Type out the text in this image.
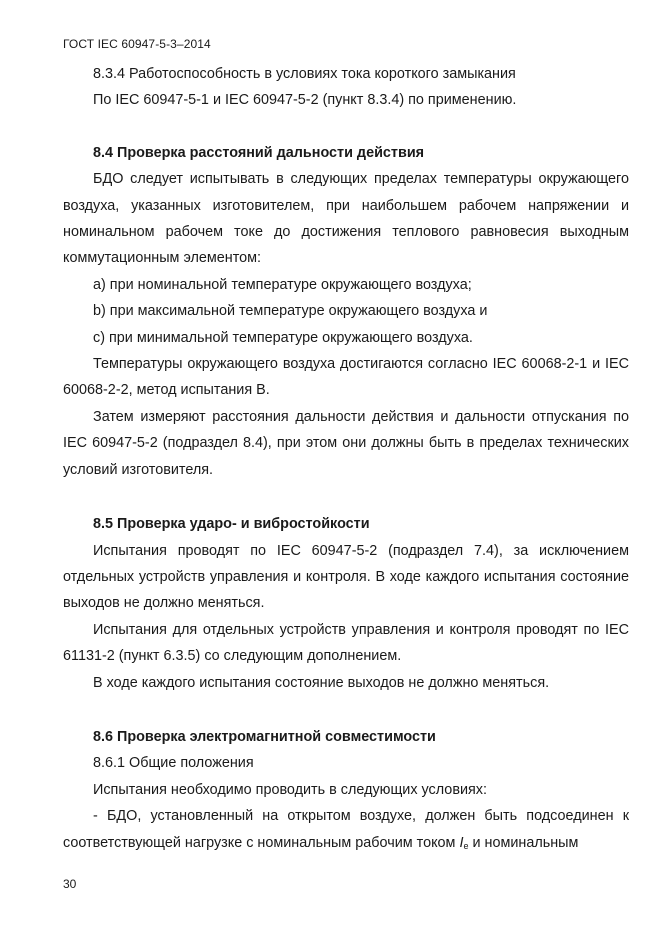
ГОСТ IEC 60947-5-3–2014

8.3.4 Работоспособность в условиях тока короткого замыкания

По IEC 60947-5-1 и IEC 60947-5-2 (пункт 8.3.4) по применению.

8.4 Проверка расстояний дальности действия

БДО следует испытывать в следующих пределах температуры окружающего воздуха, указанных изготовителем, при наибольшем рабочем напряжении и номинальном рабочем токе до достижения теплового равновесия выходным коммутационным элементом:

а) при номинальной температуре окружающего воздуха;

b) при максимальной температуре окружающего воздуха и

с) при минимальной температуре окружающего воздуха.

Температуры окружающего воздуха достигаются согласно IEC 60068-2-1 и IEC 60068-2-2, метод испытания В.

Затем измеряют расстояния дальности действия и дальности отпускания по IEC 60947-5-2 (подраздел 8.4), при этом они должны быть в пределах технических условий изготовителя.

8.5 Проверка ударо- и вибростойкости

Испытания проводят по IEC 60947-5-2 (подраздел 7.4), за исключением отдельных устройств управления и контроля. В ходе каждого испытания состояние выходов не должно меняться.

Испытания для отдельных устройств управления и контроля проводят по IEC 61131-2 (пункт 6.3.5) со следующим дополнением.

В ходе каждого испытания состояние выходов не должно меняться.

8.6 Проверка электромагнитной совместимости

8.6.1 Общие положения

Испытания необходимо проводить в следующих условиях:

- БДО, установленный на открытом воздухе, должен быть подсоединен к соответствующей нагрузке с номинальным рабочим током $I_e$ и номинальным

30
